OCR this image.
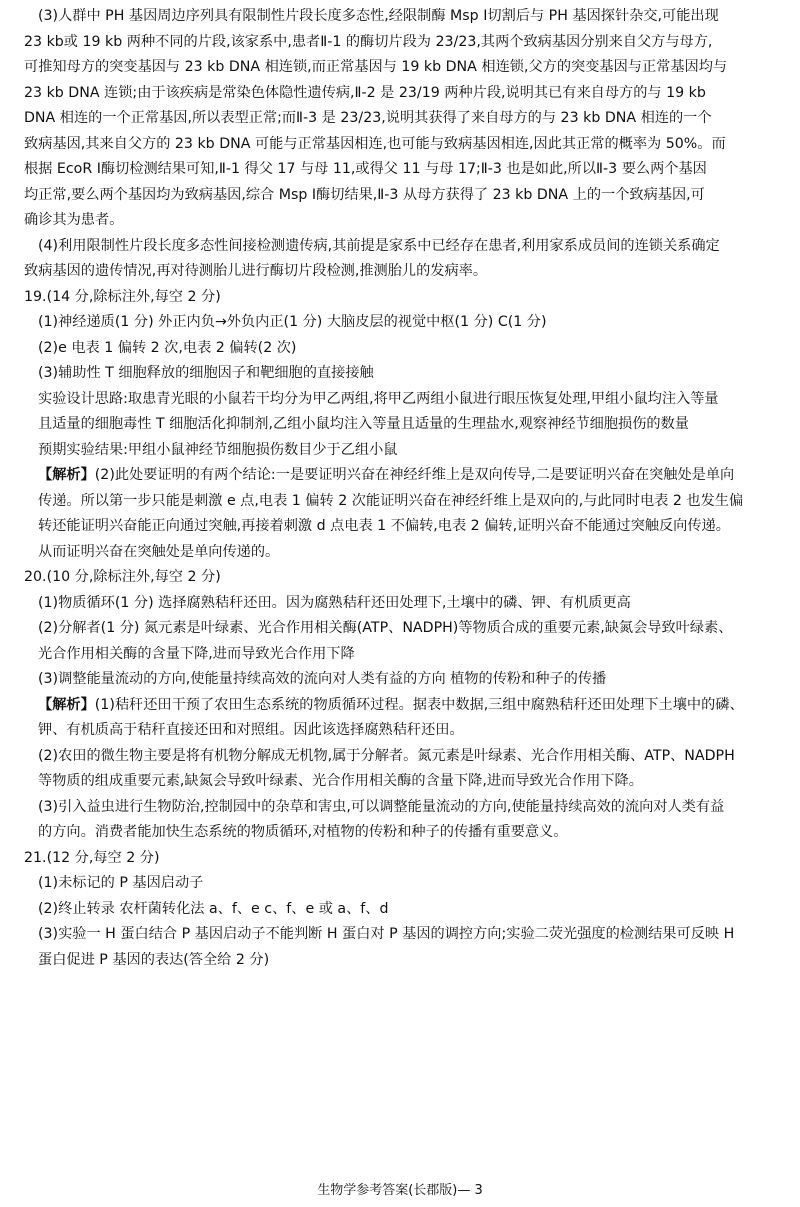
(3)人群中 PH 基因周边序列具有限制性片段长度多态性,经限制酶 Msp Ⅰ切割后与 PH 基因探针杂交,可能出现

23 kb或 19 kb 两种不同的片段,该家系中,患者Ⅱ-1 的酶切片段为 23/23,其两个致病基因分别来自父方与母方,

可推知母方的突变基因与 23 kb DNA 相连锁,而正常基因与 19 kb DNA 相连锁,父方的突变基因与正常基因均与

23 kb DNA 连锁;由于该疾病是常染色体隐性遗传病,Ⅱ-2 是 23/19 两种片段,说明其已有来自母方的与 19 kb

DNA 相连的一个正常基因,所以表型正常;而Ⅱ-3 是 23/23,说明其获得了来自母方的与 23 kb DNA 相连的一个

致病基因,其来自父方的 23 kb DNA 可能与正常基因相连,也可能与致病基因相连,因此其正常的概率为 50%。而

根据 EcoR Ⅰ酶切检测结果可知,Ⅱ-1 得父 17 与母 11,或得父 11 与母 17;Ⅱ-3 也是如此,所以Ⅱ-3 要么两个基因

均正常,要么两个基因均为致病基因,综合 Msp Ⅰ酶切结果,Ⅱ-3 从母方获得了 23 kb DNA 上的一个致病基因,可

确诊其为患者。

(4)利用限制性片段长度多态性间接检测遗传病,其前提是家系中已经存在患者,利用家系成员间的连锁关系确定

致病基因的遗传情况,再对待测胎儿进行酶切片段检测,推测胎儿的发病率。

19.(14 分,除标注外,每空 2 分)

(1)神经递质(1 分) 外正内负→外负内正(1 分) 大脑皮层的视觉中枢(1 分) C(1 分)

(2)e 电表 1 偏转 2 次,电表 2 偏转(2 次)

(3)辅助性 T 细胞释放的细胞因子和靶细胞的直接接触

实验设计思路:取患青光眼的小鼠若干均分为甲乙两组,将甲乙两组小鼠进行眼压恢复处理,甲组小鼠均注入等量

且适量的细胞毒性 T 细胞活化抑制剂,乙组小鼠均注入等量且适量的生理盐水,观察神经节细胞损伤的数量

预期实验结果:甲组小鼠神经节细胞损伤数目少于乙组小鼠

【解析】(2)此处要证明的有两个结论:一是要证明兴奋在神经纤维上是双向传导,二是要证明兴奋在突触处是单向

传递。所以第一步只能是刺激 e 点,电表 1 偏转 2 次能证明兴奋在神经纤维上是双向的,与此同时电表 2 也发生偏

转还能证明兴奋能正向通过突触,再接着刺激 d 点电表 1 不偏转,电表 2 偏转,证明兴奋不能通过突触反向传递。

从而证明兴奋在突触处是单向传递的。

20.(10 分,除标注外,每空 2 分)

(1)物质循环(1 分) 选择腐熟秸秆还田。因为腐熟秸秆还田处理下,土壤中的磷、钾、有机质更高

(2)分解者(1 分) 氮元素是叶绿素、光合作用相关酶(ATP、NADPH)等物质合成的重要元素,缺氮会导致叶绿素、

光合作用相关酶的含量下降,进而导致光合作用下降

(3)调整能量流动的方向,使能量持续高效的流向对人类有益的方向 植物的传粉和种子的传播

【解析】(1)秸秆还田干预了农田生态系统的物质循环过程。据表中数据,三组中腐熟秸秆还田处理下土壤中的磷、

钾、有机质高于秸秆直接还田和对照组。因此该选择腐熟秸秆还田。

(2)农田的微生物主要是将有机物分解成无机物,属于分解者。氮元素是叶绿素、光合作用相关酶、ATP、NADPH

等物质的组成重要元素,缺氮会导致叶绿素、光合作用相关酶的含量下降,进而导致光合作用下降。

(3)引入益虫进行生物防治,控制园中的杂草和害虫,可以调整能量流动的方向,使能量持续高效的流向对人类有益

的方向。消费者能加快生态系统的物质循环,对植物的传粉和种子的传播有重要意义。

21.(12 分,每空 2 分)

(1)未标记的 P 基因启动子

(2)终止转录 农杆菌转化法 a、f、e c、f、e 或 a、f、d

(3)实验一 H 蛋白结合 P 基因启动子不能判断 H 蛋白对 P 基因的调控方向;实验二荧光强度的检测结果可反映 H

蛋白促进 P 基因的表达(答全给 2 分)

生物学参考答案(长郡版)— 3
